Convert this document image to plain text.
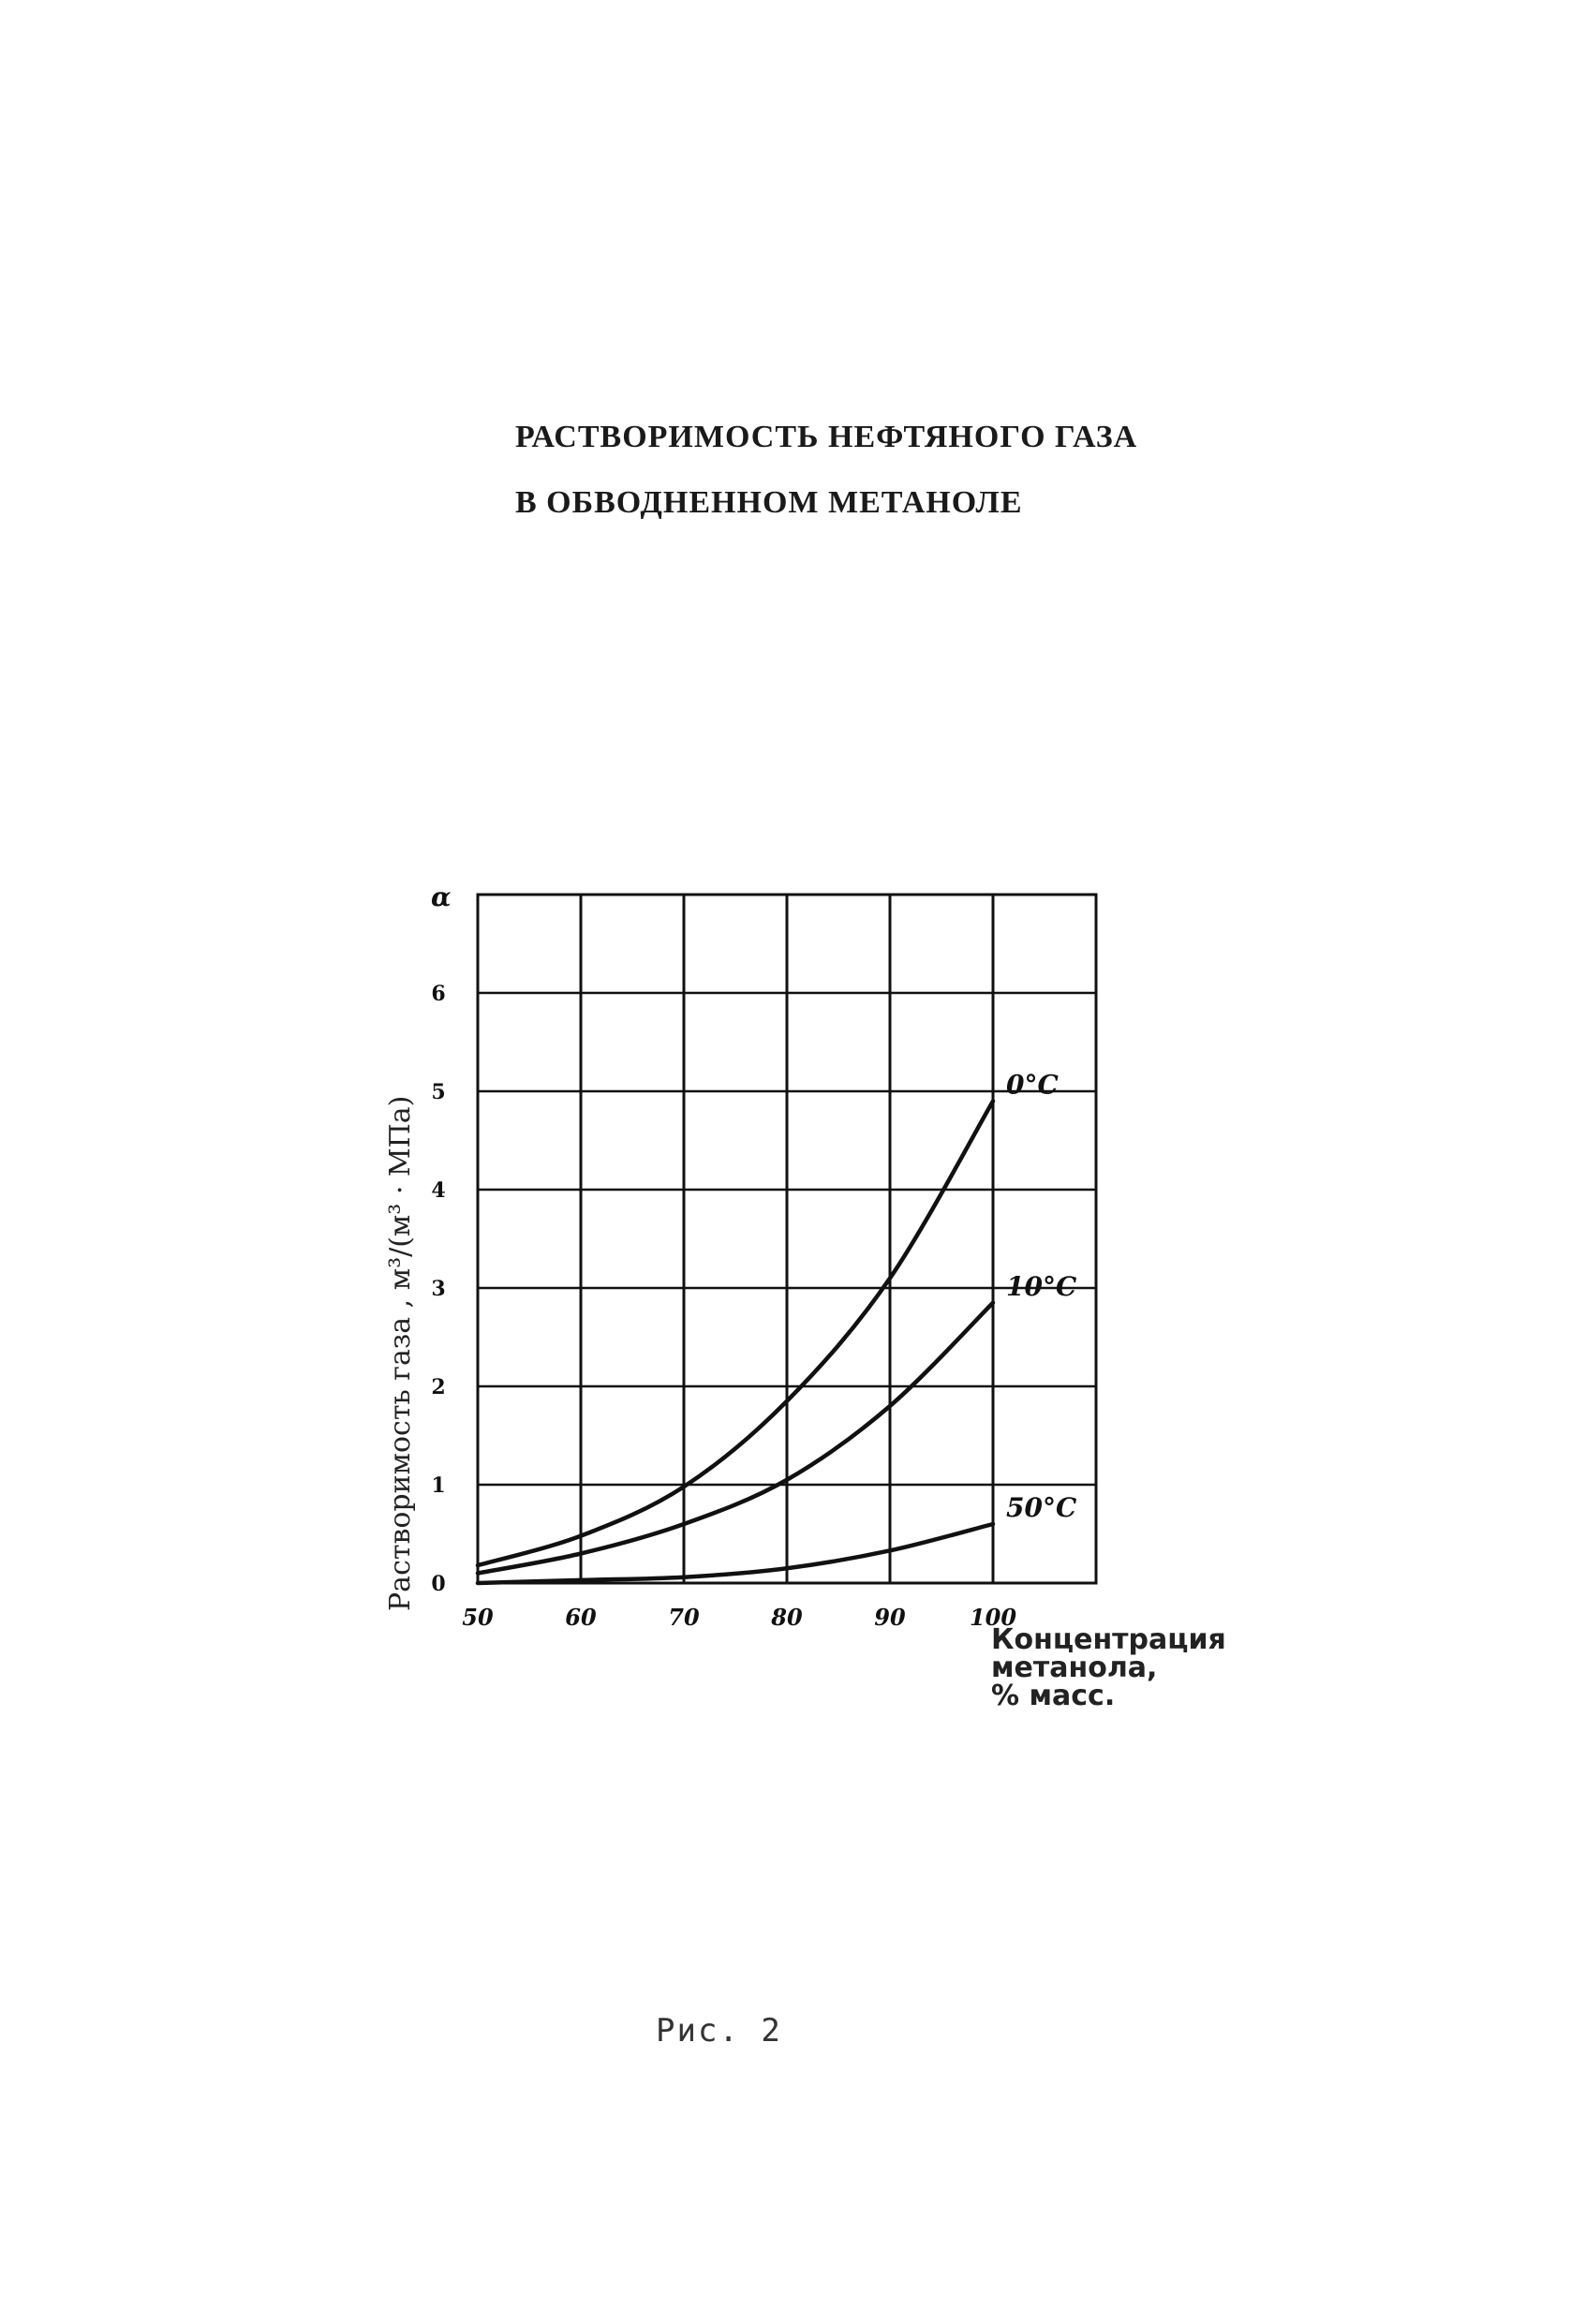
РАСТВОРИМОСТЬ НЕФТЯНОГО ГАЗА
В ОБВОДНЕННОМ МЕТАНОЛЕ
50	60	70	80	90	100
0
1
2
3
4
5
6
α
0°C
10°C
50°C
Растворимость газа , м³/(м³ · МПа)
Концентрация
метанола,
% масс.
Рис. 2
